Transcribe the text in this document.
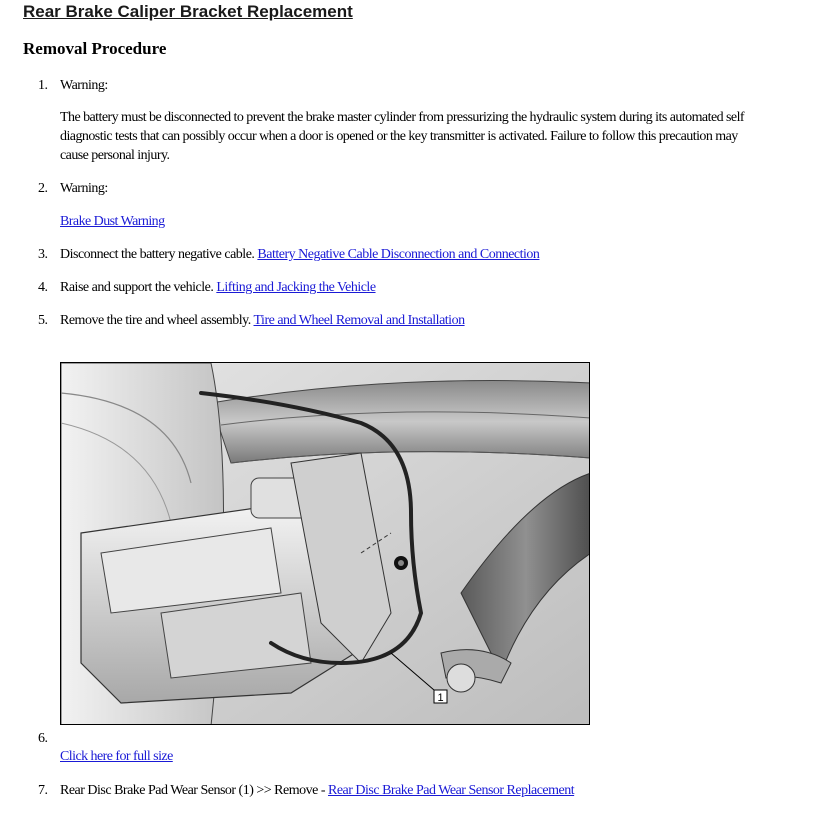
Rear Brake Caliper Bracket Replacement
Removal Procedure
1. Warning:
The battery must be disconnected to prevent the brake master cylinder from pressurizing the hydraulic system during its automated self
diagnostic tests that can possibly occur when a door is opened or the key transmitter is activated. Failure to follow this precaution may
cause personal injury.
2. Warning:
Brake Dust Warning
3. Disconnect the battery negative cable. Battery Negative Cable Disconnection and Connection
4. Raise and support the vehicle. Lifting and Jacking the Vehicle
5. Remove the tire and wheel assembly. Tire and Wheel Removal and Installation
1
6.
Click here for full size
7. Rear Disc Brake Pad Wear Sensor (1) >> Remove - Rear Disc Brake Pad Wear Sensor Replacement
